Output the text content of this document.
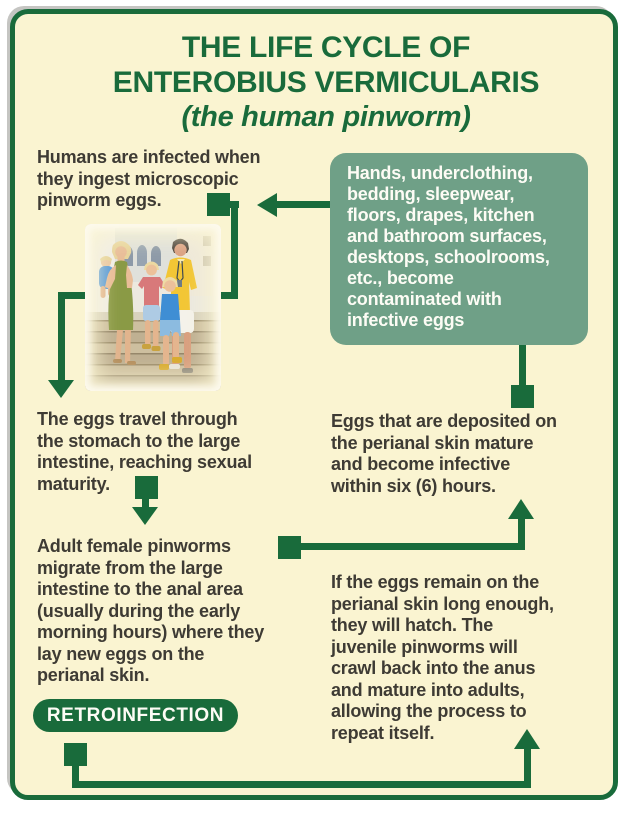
THE LIFE CYCLE OF
ENTEROBIUS VERMICULARIS
(the human pinworm)
Humans are infected when
they ingest microscopic
pinworm eggs.
Hands, underclothing,
bedding, sleepwear,
floors, drapes, kitchen
and bathroom surfaces,
desktops, schoolrooms,
etc., become
contaminated with
infective eggs
The eggs travel through
the stomach to the large
intestine, reaching sexual
maturity.
Adult female pinworms
migrate from the large
intestine to the anal area
(usually during the early
morning hours) where they
lay new eggs on the
perianal skin.
Eggs that are deposited on
the perianal skin mature
and become infective
within six (6) hours.
If the eggs remain on the
perianal skin long enough,
they will hatch. The
juvenile pinworms will
crawl back into the anus
and mature into adults,
allowing the process to
repeat itself.
RETROINFECTION
